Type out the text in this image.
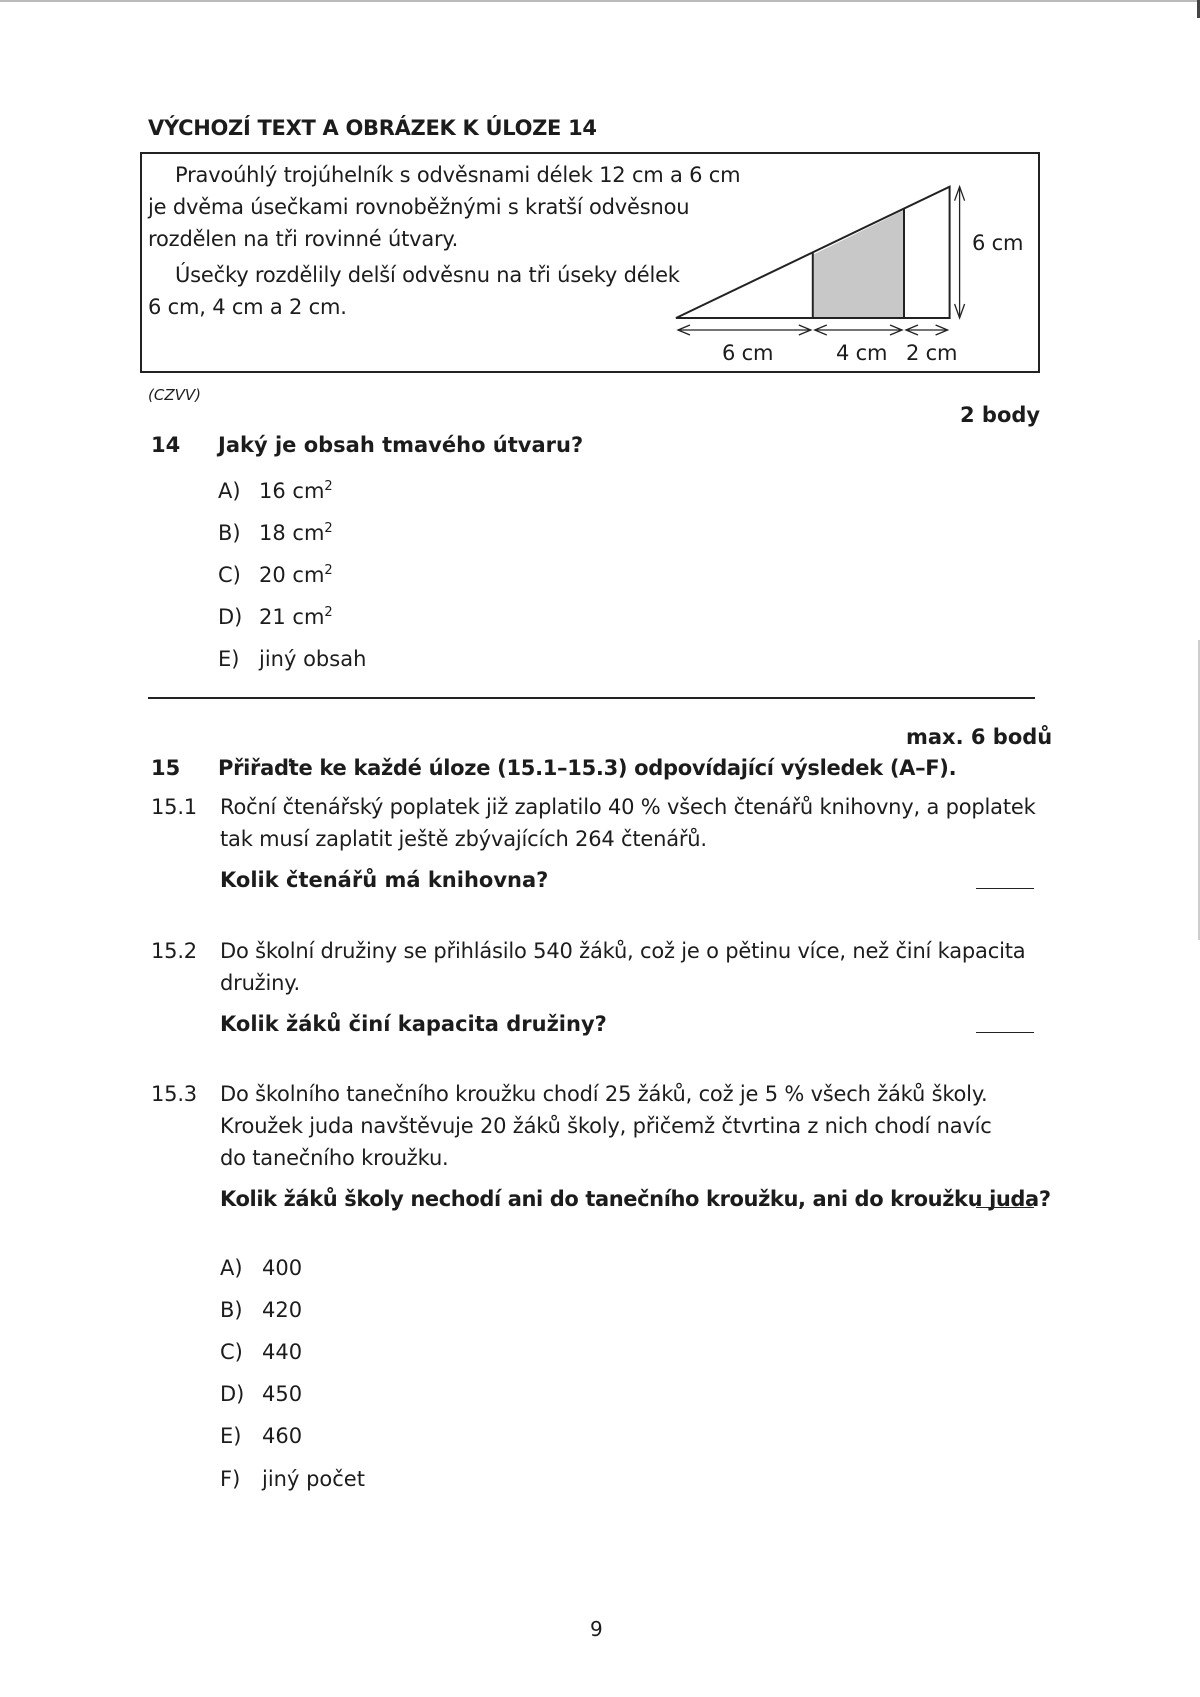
VÝCHOZÍ TEXT A OBRÁZEK K ÚLOZE 14
Pravoúhlý trojúhelník s odvěsnami délek 12 cm a 6 cm
je dvěma úsečkami rovnoběžnými s kratší odvěsnou
rozdělen na tři rovinné útvary.
Úsečky rozdělily delší odvěsnu na tři úseky délek
6 cm, 4 cm a 2 cm.
6 cm	4 cm 2 cm
6 cm
(CZVV)
2 body
14 Jaký je obsah tmavého útvaru?
A) 16 $cm^2$
B) 18 $cm^2$
C) 20 $cm^2$
D) 21 $cm^2$
E) jiný obsah
max. 6 bodů
15 Přiřaďte ke každé úloze (15.1–15.3) odpovídající výsledek (A–F).
15.1 Roční čtenářský poplatek již zaplatilo 40 % všech čtenářů knihovny, a poplatek
tak musí zaplatit ještě zbývajících 264 čtenářů.
Kolik čtenářů má knihovna?
15.2 Do školní družiny se přihlásilo 540 žáků, což je o pětinu více, než činí kapacita
družiny.
Kolik žáků činí kapacita družiny?
15.3 Do školního tanečního kroužku chodí 25 žáků, což je 5 % všech žáků školy.
Kroužek juda navštěvuje 20 žáků školy, přičemž čtvrtina z nich chodí navíc
do tanečního kroužku.
Kolik žáků školy nechodí ani do tanečního kroužku, ani do kroužku juda?
A) 400
B) 420
C) 440
D) 450
E) 460
F) jiný počet
9
